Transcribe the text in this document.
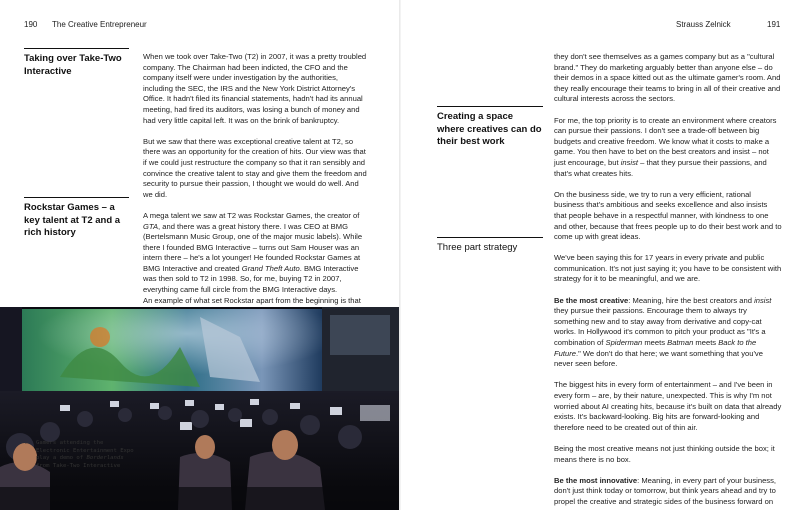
190 The Creative Entrepreneur
Taking over Take-Two Interactive

When we took over Take-Two (T2) in 2007, it was a pretty troubled company. The Chairman had been indicted, the CFO and the company itself were under investigation by the authorities, including the SEC, the IRS and the New York District Attorney's Office. It hadn't filed its financial statements, hadn't had its annual meeting, had fired its auditors, was losing a bunch of money and had very little capital left. It was on the brink of bankruptcy.

But we saw that there was exceptional creative talent at T2, so there was an opportunity for the creation of hits. Our view was that if we could just restructure the company so that it ran sensibly and convince the creative talent to stay and give them the freedom and security to pursue their passion, I thought we would do well. And we did.

A mega talent we saw at T2 was Rockstar Games, the creator of GTA, and there was a great history there. I was CEO at BMG (Bertelsmann Music Group, one of the major music labels). While there I founded BMG Interactive – turns out Sam Houser was an intern there – he's a lot younger! He founded Rockstar Games at BMG Interactive and created Grand Theft Auto. BMG Interactive was then sold to T2 in 1998. So, for me, buying T2 in 2007, everything came full circle from the BMG Interactive days.

An example of what set Rockstar apart from the beginning is that

Rockstar Games – a key talent at T2 and a rich history
← Gamers attending the Electronic Entertainment Expo play a demo of Borderlands from Take-Two Interactive
Strauss Zelnick	191
Creating a space where creatives can do their best work
Three part strategy

they don't see themselves as a games company but as a "cultural brand." They do marketing arguably better than anyone else – do their demos in a space kitted out as the ultimate gamer's room. And they really encourage their teams to bring in all of their creative and cultural interests across the sectors.

For me, the top priority is to create an environment where creators can pursue their passions. I don't see a trade-off between big budgets and creative freedom. We know what it costs to make a game. You then have to bet on the best creators and insist – not just encourage, but insist – that they pursue their passions, and that's what creates hits.

On the business side, we try to run a very efficient, rational business that's ambitious and seeks excellence and also insists that people behave in a respectful manner, with kindness to one and other, because that frees people up to do their best work and to come up with great ideas.

We've been saying this for 17 years in every private and public communication. It's not just saying it; you have to be consistent with strategy for it to be meaningful, and we are.

Be the most creative: Meaning, hire the best creators and insist they pursue their passions. Encourage them to always try something new and to stay away from derivative and copy-cat works. In Hollywood it's common to pitch your product as "It's a combination of Spiderman meets Batman meets Back to the Future." We don't do that here; we want something that you've never seen before.

The biggest hits in every form of entertainment – and I've been in every form – are, by their nature, unexpected. This is why I'm not worried about AI creating hits, because it's built on data that already exists. It's backward-looking. Big hits are forward-looking and therefore need to be created out of thin air.

Being the most creative means not just thinking outside the box; it means there is no box.

Be the most innovative: Meaning, in every part of your business, don't just think today or tomorrow, but think years ahead and try to propel the creative and strategic sides of the business forward on
